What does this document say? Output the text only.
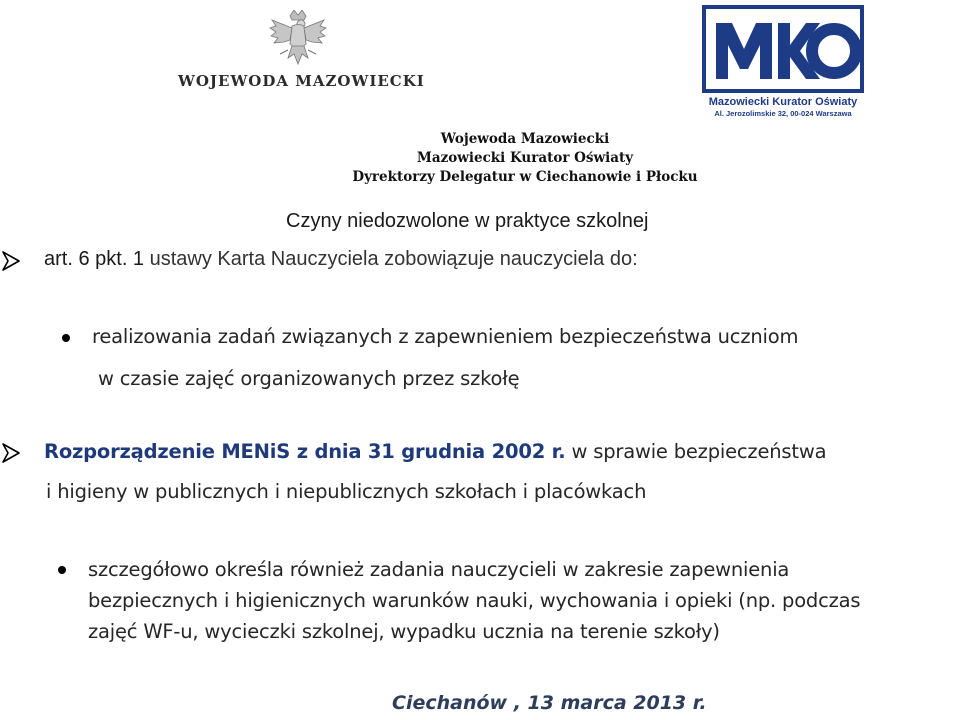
WOJEWODA MAZOWIECKI
Mazowiecki Kurator Oświaty
Al. Jerozolimskie 32, 00-024 Warszawa
Wojewoda Mazowiecki
Mazowiecki Kurator Oświaty
Dyrektorzy Delegatur w Ciechanowie i Płocku
Czyny niedozwolone w praktyce szkolnej
art. 6 pkt. 1 ustawy Karta Nauczyciela zobowiązuje nauczyciela do:
realizowania zadań związanych z zapewnieniem bezpieczeństwa uczniom
w czasie zajęć organizowanych przez szkołę
Rozporządzenie MENiS z dnia 31 grudnia 2002 r. w sprawie bezpieczeństwa
i higieny w publicznych i niepublicznych szkołach i placówkach
szczegółowo określa również zadania nauczycieli w zakresie zapewnienia
bezpiecznych i higienicznych warunków nauki, wychowania i opieki (np. podczas
zajęć WF-u, wycieczki szkolnej, wypadku ucznia na terenie szkoły)
Ciechanów , 13 marca 2013 r.
